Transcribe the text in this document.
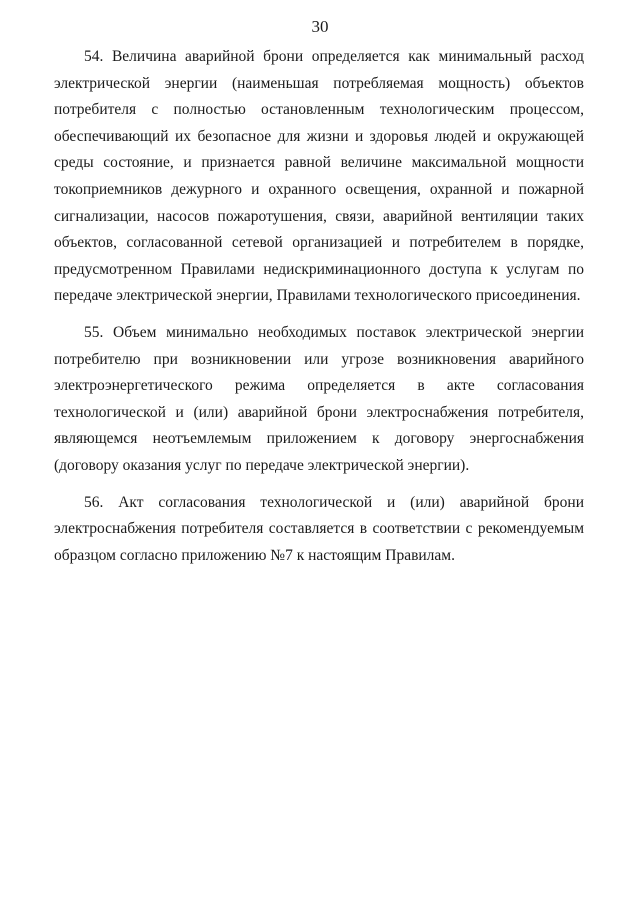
30

54. Величина аварийной брони определяется как минимальный расход электрической энергии (наименьшая потребляемая мощность) объектов потребителя с полностью остановленным технологическим процессом, обеспечивающий их безопасное для жизни и здоровья людей и окружающей среды состояние, и признается равной величине максимальной мощности токоприемников дежурного и охранного освещения, охранной и пожарной сигнализации, насосов пожаротушения, связи, аварийной вентиляции таких объектов, согласованной сетевой организацией и потребителем в порядке, предусмотренном Правилами недискриминационного доступа к услугам по передаче электрической энергии, Правилами технологического присоединения.

55. Объем минимально необходимых поставок электрической энергии потребителю при возникновении или угрозе возникновения аварийного электроэнергетического режима определяется в акте согласования технологической и (или) аварийной брони электроснабжения потребителя, являющемся неотъемлемым приложением к договору энергоснабжения (договору оказания услуг по передаче электрической энергии).

56. Акт согласования технологической и (или) аварийной брони электроснабжения потребителя составляется в соответствии с рекомендуемым образцом согласно приложению №7 к настоящим Правилам.
